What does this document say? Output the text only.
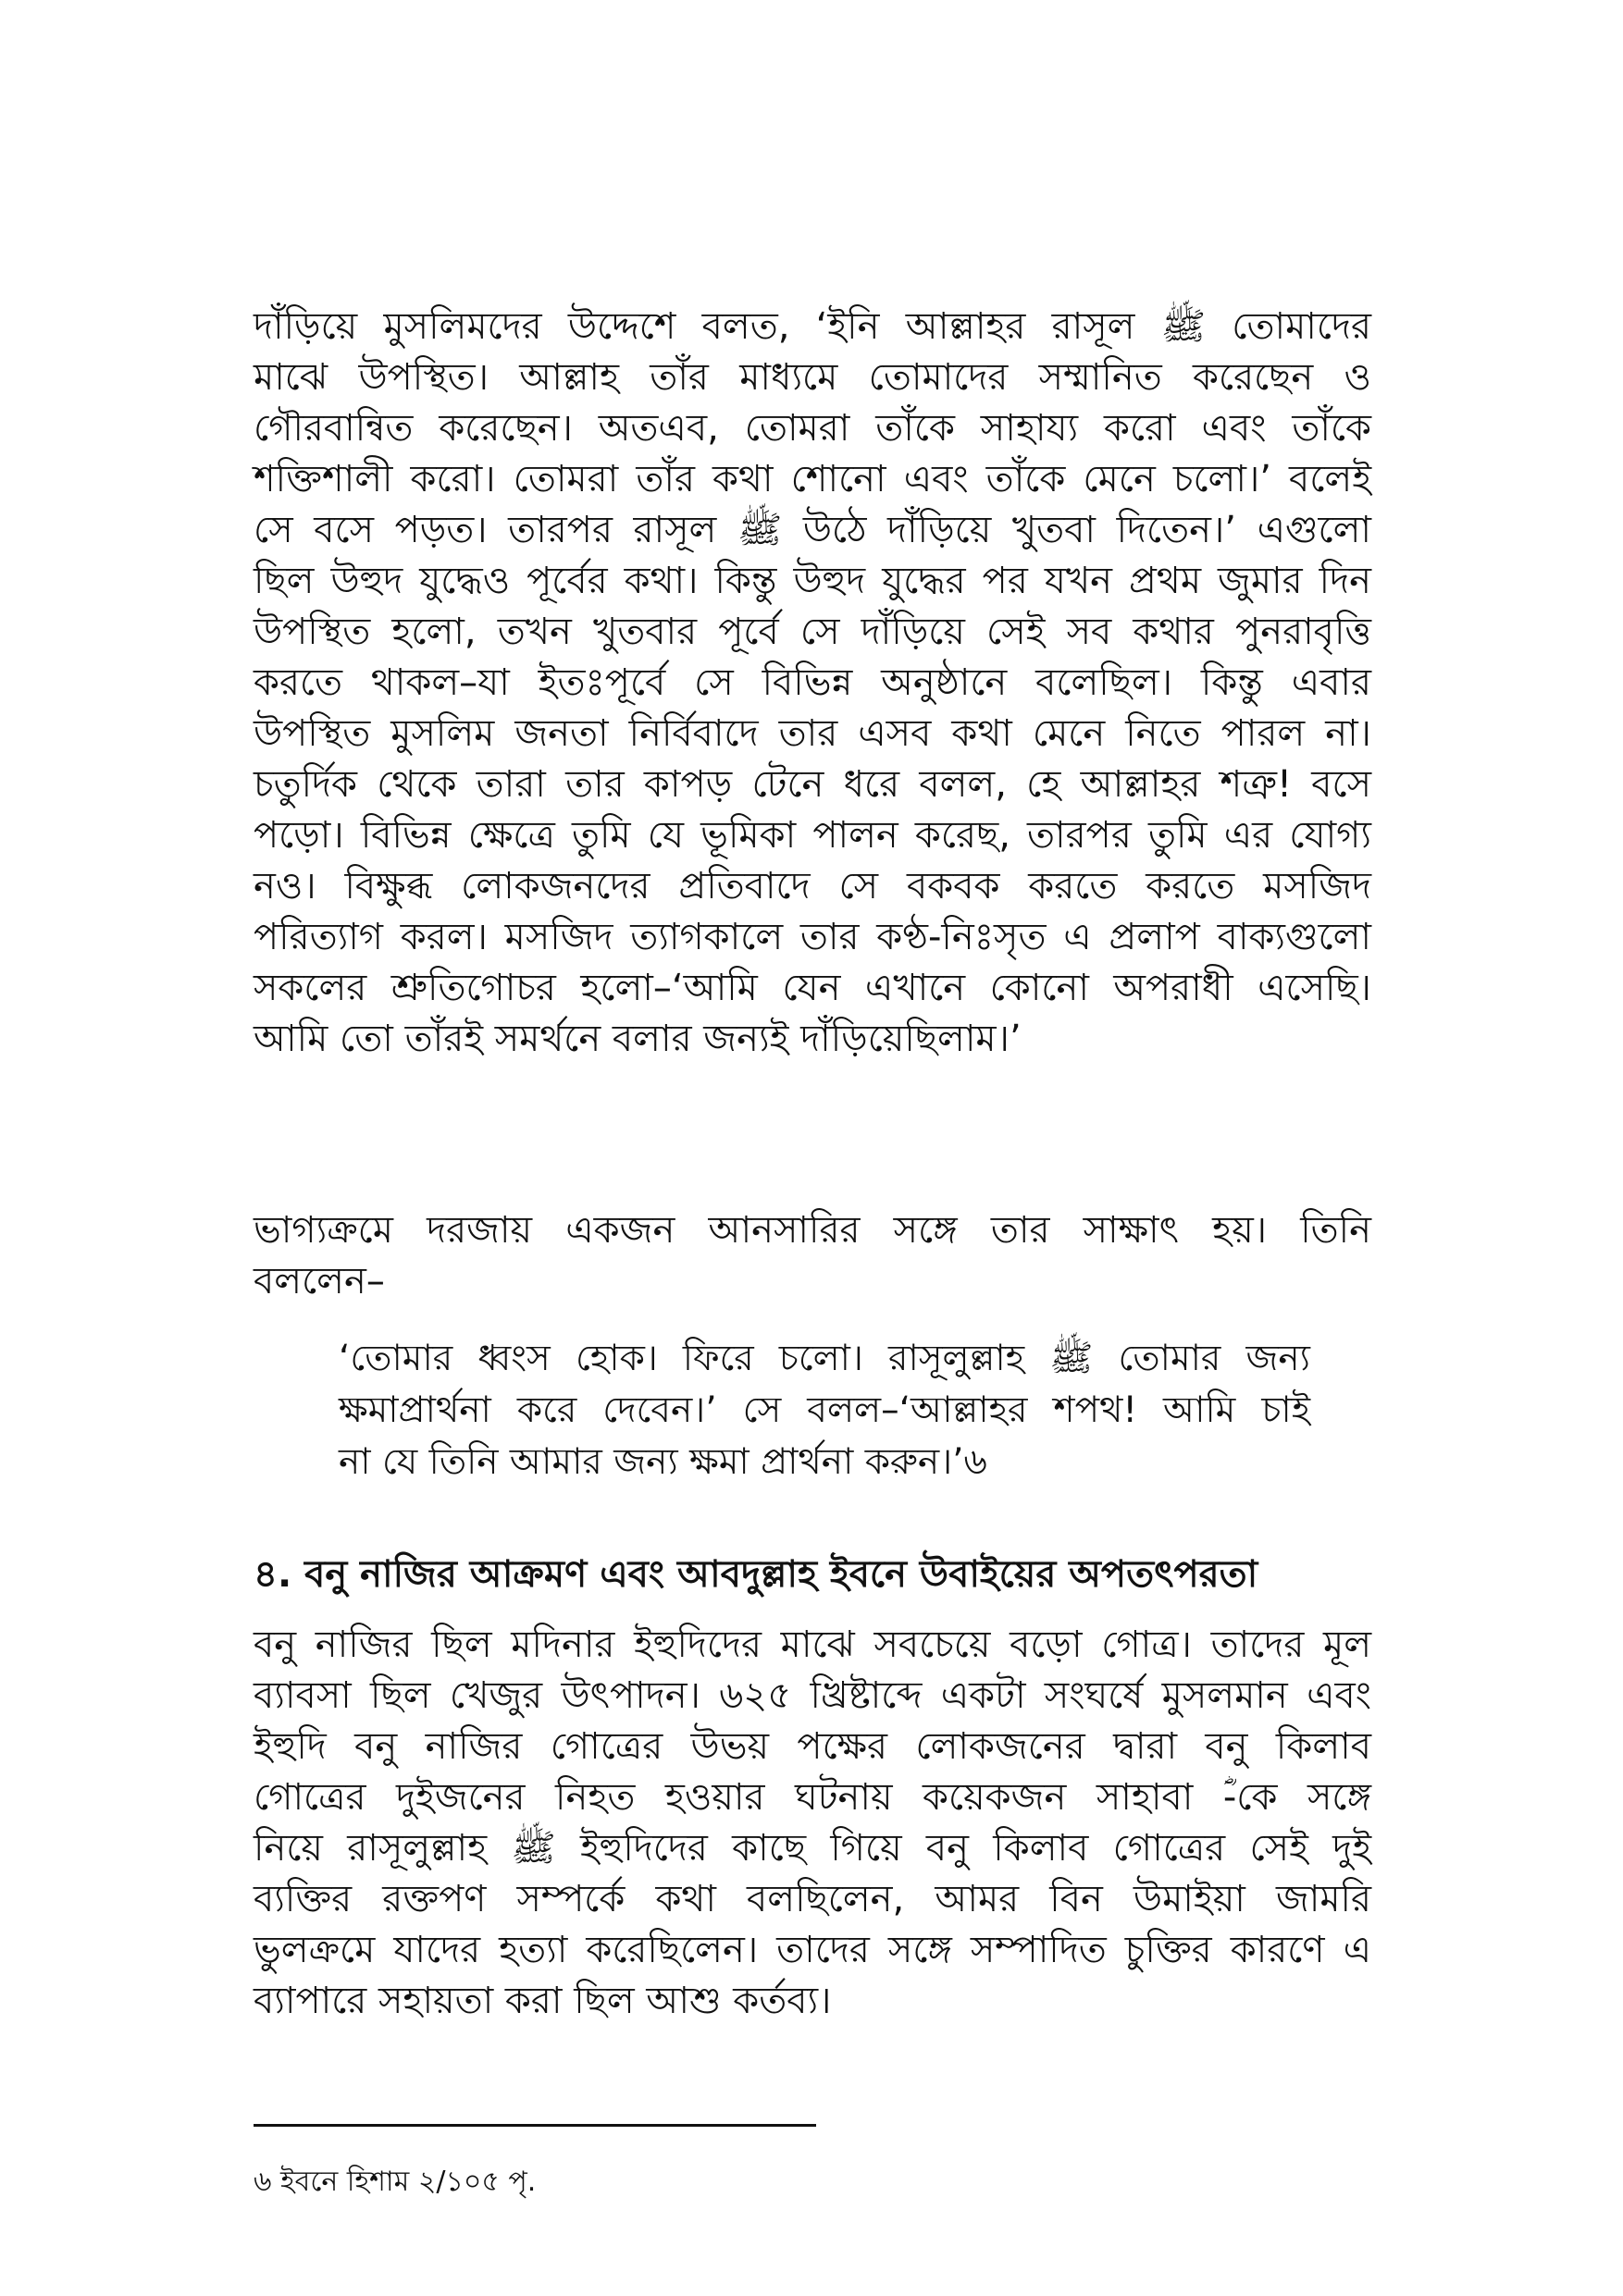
দাঁড়িয়ে মুসলিমদের উদ্দেশে বলত, ‘ইনি আল্লাহর রাসূল ﷺ তোমাদের
মাঝে উপস্থিত। আল্লাহ তাঁর মাধ্যমে তোমাদের সম্মানিত করেছেন ও
গৌরবান্বিত করেছেন। অতএব, তোমরা তাঁকে সাহায্য করো এবং তাঁকে
শক্তিশালী করো। তোমরা তাঁর কথা শোনো এবং তাঁকে মেনে চলো।’ বলেই
সে বসে পড়ত। তারপর রাসূল ﷺ উঠে দাঁড়িয়ে খুতবা দিতেন।’ এগুলো
ছিল উহুদ যুদ্ধেও পূর্বের কথা। কিন্তু উহুদ যুদ্ধের পর যখন প্রথম জুমার দিন
উপস্থিত হলো, তখন খুতবার পূর্বে সে দাঁড়িয়ে সেই সব কথার পুনরাবৃত্তি
করতে থাকল–যা ইতঃপূর্বে সে বিভিন্ন অনুষ্ঠানে বলেছিল। কিন্তু এবার
উপস্থিত মুসলিম জনতা নির্বিবাদে তার এসব কথা মেনে নিতে পারল না।
চতুর্দিক থেকে তারা তার কাপড় টেনে ধরে বলল, হে আল্লাহর শত্রু! বসে
পড়ো। বিভিন্ন ক্ষেত্রে তুমি যে ভূমিকা পালন করেছ, তারপর তুমি এর যোগ্য
নও। বিক্ষুব্ধ লোকজনদের প্রতিবাদে সে বকবক করতে করতে মসজিদ
পরিত্যাগ করল। মসজিদ ত্যাগকালে তার কণ্ঠ-নিঃসৃত এ প্রলাপ বাক্যগুলো
সকলের শ্রুতিগোচর হলো–‘আমি যেন এখানে কোনো অপরাধী এসেছি।
আমি তো তাঁরই সমর্থনে বলার জন্যই দাঁড়িয়েছিলাম।’
ভাগ্যক্রমে দরজায় একজন আনসারির সঙ্গে তার সাক্ষাৎ হয়। তিনি
বললেন–
‘তোমার ধ্বংস হোক। ফিরে চলো। রাসূলুল্লাহ ﷺ তোমার জন্য
ক্ষমাপ্রার্থনা করে দেবেন।’ সে বলল–‘আল্লাহর শপথ! আমি চাই
না যে তিনি আমার জন্য ক্ষমা প্রার্থনা করুন।’৬
৪. বনু নাজির আক্রমণ এবং আবদুল্লাহ ইবনে উবাইয়ের অপতৎপরতা
বনু নাজির ছিল মদিনার ইহুদিদের মাঝে সবচেয়ে বড়ো গোত্র। তাদের মূল
ব্যাবসা ছিল খেজুর উৎপাদন। ৬২৫ খ্রিষ্টাব্দে একটা সংঘর্ষে মুসলমান এবং
ইহুদি বনু নাজির গোত্রের উভয় পক্ষের লোকজনের দ্বারা বনু কিলাব
গোত্রের দুইজনের নিহত হওয়ার ঘটনায় কয়েকজন সাহাবা ؓ-কে সঙ্গে
নিয়ে রাসূলুল্লাহ ﷺ ইহুদিদের কাছে গিয়ে বনু কিলাব গোত্রের সেই দুই
ব্যক্তির রক্তপণ সম্পর্কে কথা বলছিলেন, আমর বিন উমাইয়া জামরি
ভুলক্রমে যাদের হত্যা করেছিলেন। তাদের সঙ্গে সম্পাদিত চুক্তির কারণে এ
ব্যাপারে সহায়তা করা ছিল আশু কর্তব্য।
৬ ইবনে হিশাম ২/১০৫ পৃ.
